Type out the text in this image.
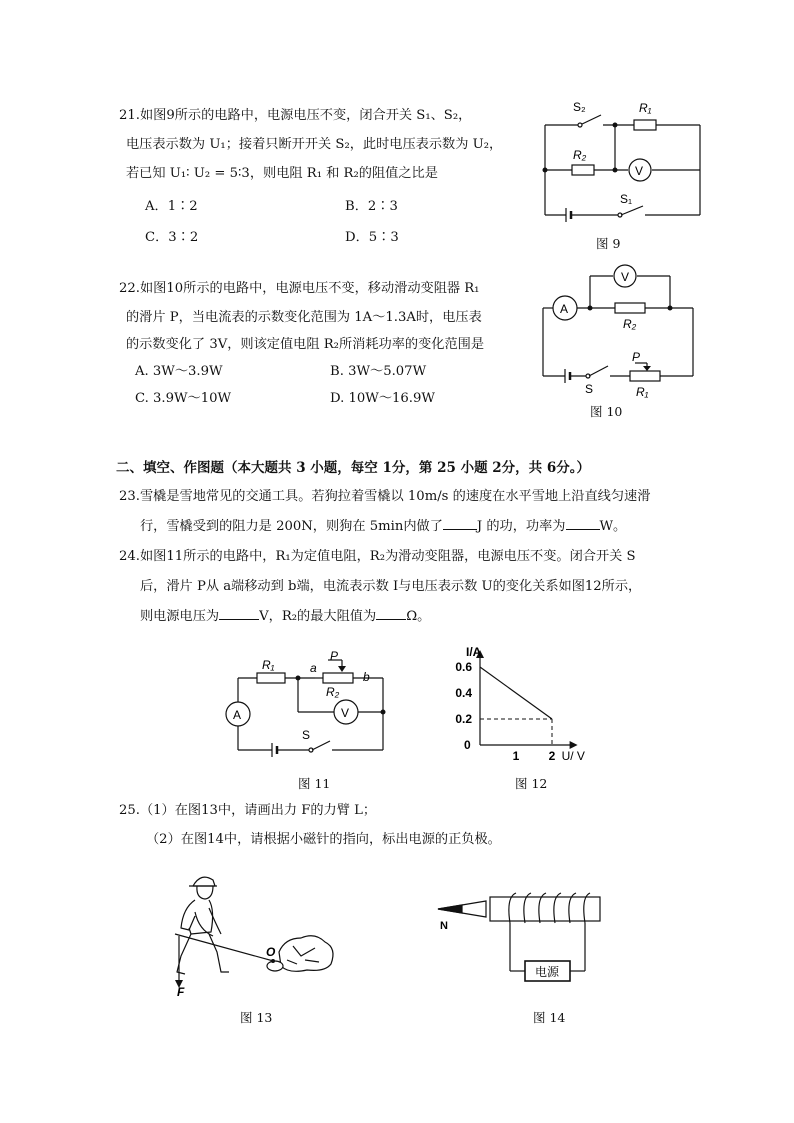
21.如图9所示的电路中，电源电压不变，闭合开关 S₁、S₂，
电压表示数为 U₁；接着只断开开关 S₂，此时电压表示数为 U₂，
若已知 U₁∶ U₂ = 5∶3，则电阻 R₁ 和 R₂的阻值之比是
A．1∶2	B．2∶3
C．3∶2	D．5∶3
S₂	R₁
R₂
V
S₁
图 9
22.如图10所示的电路中，电源电压不变，移动滑动变阻器 R₁
的滑片 P，当电流表的示数变化范围为 1A～1.3A时，电压表
的示数变化了 3V，则该定值电阻 R₂所消耗功率的变化范围是
A. 3W～3.9W	B. 3W～5.07W
C. 3.9W～10W	D. 10W～16.9W
V
A
R₂
P
S	R₁
图 10
二、填空、作图题（本大题共 3 小题，每空 1分，第 25 小题 2分，共 6分。）
23.雪橇是雪地常见的交通工具。若狗拉着雪橇以 10m/s 的速度在水平雪地上沿直线匀速滑
行，雪橇受到的阻力是 200N，则狗在 5min内做了	J 的功，功率为	W。
24.如图11所示的电路中，R₁为定值电阻，R₂为滑动变阻器，电源电压不变。闭合开关 S
后，滑片 P从 a端移动到 b端，电流表示数 I与电压表示数 U的变化关系如图12所示，
则电源电压为	V，R₂的最大阻值为 Ω。
R₁	a
P
b
R₂
A	V
S
图 11
I/A
U/ V
0
0.6
0.4
0.2
1 2
图 12
25.（1）在图13中，请画出力 F的力臂 L；
（2）在图14中，请根据小磁针的指向，标出电源的正负极。
O
F
图 13
N
电源
图 14
